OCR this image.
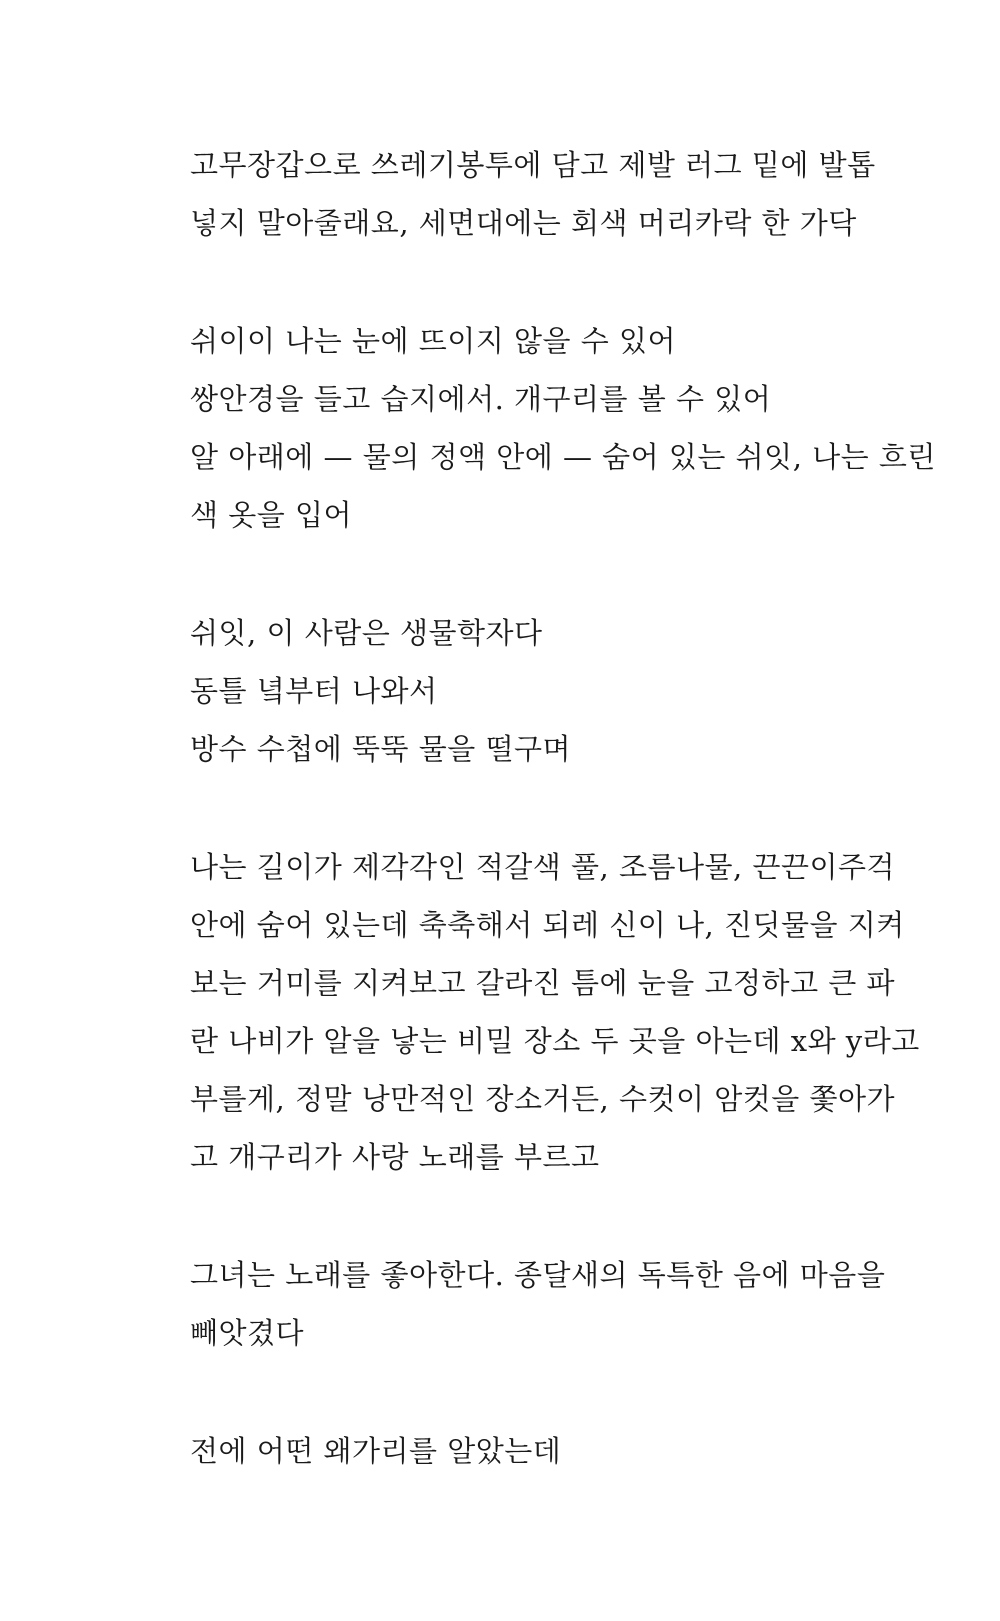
고무장갑으로 쓰레기봉투에 담고 제발 러그 밑에 발톱
넣지 말아줄래요, 세면대에는 회색 머리카락 한 가닥
쉬이이 나는 눈에 뜨이지 않을 수 있어
쌍안경을 들고 습지에서. 개구리를 볼 수 있어
알 아래에 — 물의 정액 안에 — 숨어 있는 쉬잇, 나는 흐린
색 옷을 입어
쉬잇, 이 사람은 생물학자다
동틀 녘부터 나와서
방수 수첩에 뚝뚝 물을 떨구며
나는 길이가 제각각인 적갈색 풀, 조름나물, 끈끈이주걱
안에 숨어 있는데 축축해서 되레 신이 나, 진딧물을 지켜
보는 거미를 지켜보고 갈라진 틈에 눈을 고정하고 큰 파
란 나비가 알을 낳는 비밀 장소 두 곳을 아는데 x와 y라고
부를게, 정말 낭만적인 장소거든, 수컷이 암컷을 쫓아가
고 개구리가 사랑 노래를 부르고
그녀는 노래를 좋아한다. 종달새의 독특한 음에 마음을
빼앗겼다
전에 어떤 왜가리를 알았는데
